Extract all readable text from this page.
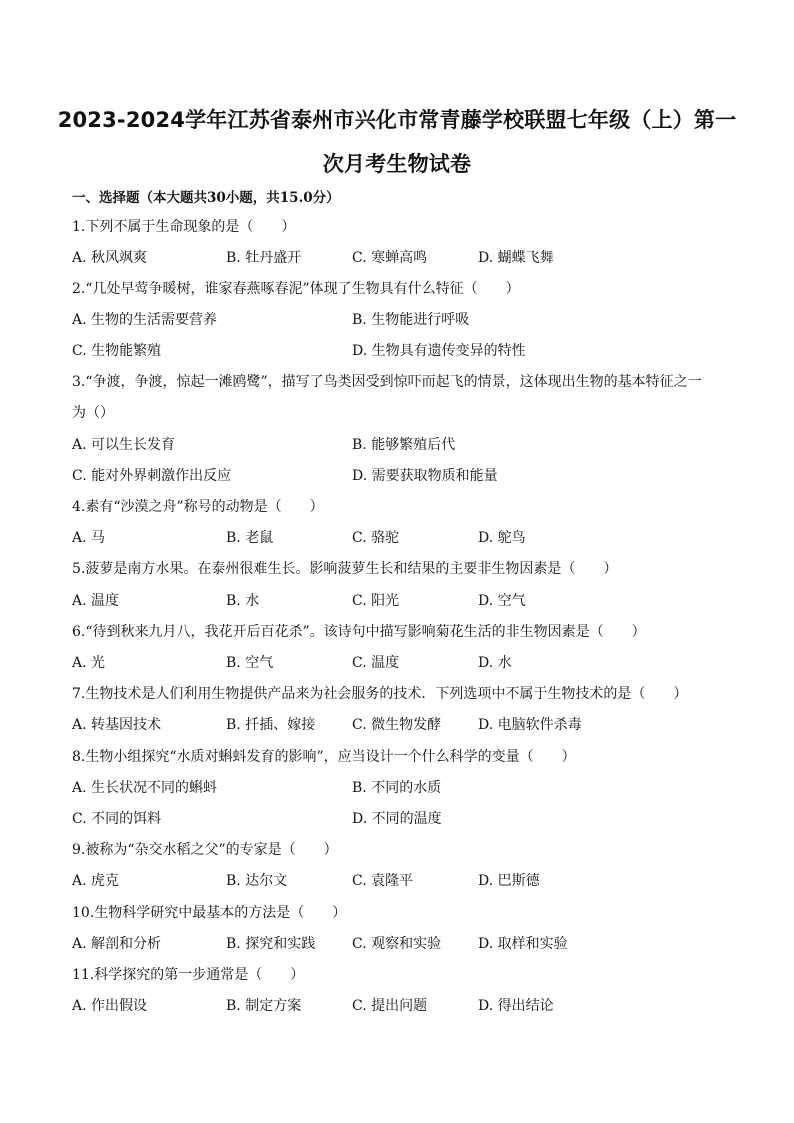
2023-2024学年江苏省泰州市兴化市常青藤学校联盟七年级（上）第一
次月考生物试卷
一、选择题（本大题共30小题，共15.0分）
1.下列不属于生命现象的是（　　）
A. 秋风飒爽	B. 牡丹盛开	C. 寒蝉高鸣	D. 蝴蝶飞舞
2.“几处早莺争暖树，谁家春燕啄春泥”体现了生物具有什么特征（　　）
A. 生物的生活需要营养	B. 生物能进行呼吸
C. 生物能繁殖	D. 生物具有遗传变异的特性
3.“争渡，争渡，惊起一滩鸥鹭”，描写了鸟类因受到惊吓而起飞的情景，这体现出生物的基本特征之一
为（）
A. 可以生长发育	B. 能够繁殖后代
C. 能对外界刺激作出反应	D. 需要获取物质和能量
4.素有“沙漠之舟”称号的动物是（　　）
A. 马	B. 老鼠	C. 骆驼	D. 鸵鸟
5.菠萝是南方水果。在泰州很难生长。影响菠萝生长和结果的主要非生物因素是（　　）
A. 温度	B. 水	C. 阳光	D. 空气
6.“待到秋来九月八，我花开后百花杀”。该诗句中描写影响菊花生活的非生物因素是（　　）
A. 光	B. 空气	C. 温度	D. 水
7.生物技术是人们利用生物提供产品来为社会服务的技术．下列选项中不属于生物技术的是（　　）
A. 转基因技术	B. 扦插、嫁接	C. 微生物发酵	D. 电脑软件杀毒
8.生物小组探究“水质对蝌蚪发育的影响”，应当设计一个什么科学的变量（　　）
A. 生长状况不同的蝌蚪	B. 不同的水质
C. 不同的饵料	D. 不同的温度
9.被称为“杂交水稻之父”的专家是（　　）
A. 虎克	B. 达尔文	C. 袁隆平	D. 巴斯德
10.生物科学研究中最基本的方法是（　　）
A. 解剖和分析	B. 探究和实践	C. 观察和实验	D. 取样和实验
11.科学探究的第一步通常是（　　）
A. 作出假设	B. 制定方案	C. 提出问题	D. 得出结论
